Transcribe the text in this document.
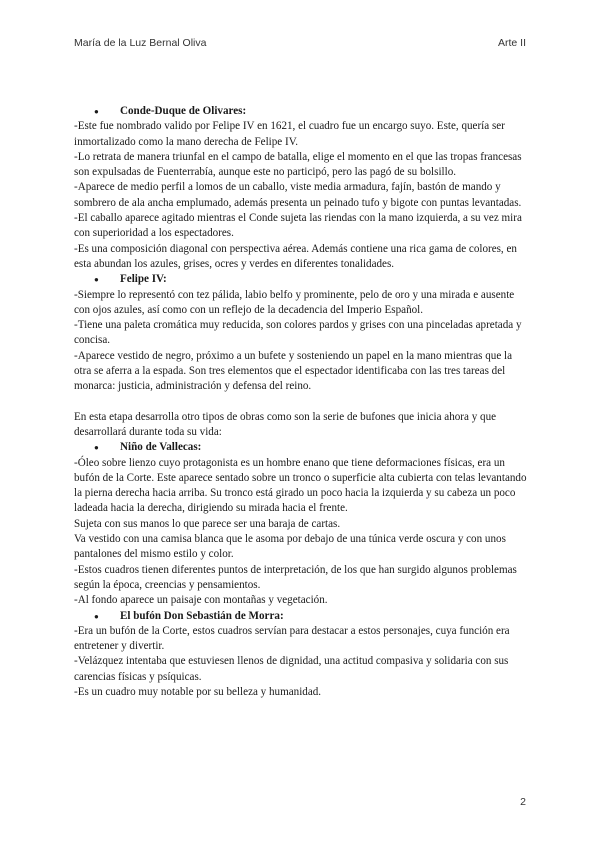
María de la Luz Bernal Oliva	Arte II

● Conde-Duque de Olivares:

-Este fue nombrado valido por Felipe IV en 1621, el cuadro fue un encargo suyo. Este, quería ser inmortalizado como la mano derecha de Felipe IV.

-Lo retrata de manera triunfal en el campo de batalla, elige el momento en el que las tropas francesas son expulsadas de Fuenterrabía, aunque este no participó, pero las pagó de su bolsillo.

-Aparece de medio perfil a lomos de un caballo, viste media armadura, fajín, bastón de mando y sombrero de ala ancha emplumado, además presenta un peinado tufo y bigote con puntas levantadas.

-El caballo aparece agitado mientras el Conde sujeta las riendas con la mano izquierda, a su vez mira con superioridad a los espectadores.

-Es una composición diagonal con perspectiva aérea. Además contiene una rica gama de colores, en esta abundan los azules, grises, ocres y verdes en diferentes tonalidades.

● Felipe IV:

-Siempre lo representó con tez pálida, labio belfo y prominente, pelo de oro y una mirada e ausente con ojos azules, así como con un reflejo de la decadencia del Imperio Español.

-Tiene una paleta cromática muy reducida, son colores pardos y grises con una pinceladas apretada y concisa.

-Aparece vestido de negro, próximo a un bufete y sosteniendo un papel en la mano mientras que la otra se aferra a la espada. Son tres elementos que el espectador identificaba con las tres tareas del monarca: justicia, administración y defensa del reino.

En esta etapa desarrolla otro tipos de obras como son la serie de bufones que inicia ahora y que desarrollará durante toda su vida:

● Niño de Vallecas:

-Óleo sobre lienzo cuyo protagonista es un hombre enano que tiene deformaciones físicas, era un bufón de la Corte. Este aparece sentado sobre un tronco o superficie alta cubierta con telas levantando la pierna derecha hacia arriba. Su tronco está girado un poco hacia la izquierda y su cabeza un poco ladeada hacia la derecha, dirigiendo su mirada hacia el frente.

Sujeta con sus manos lo que parece ser una baraja de cartas.

Va vestido con una camisa blanca que le asoma por debajo de una túnica verde oscura y con unos pantalones del mismo estilo y color.

-Estos cuadros tienen diferentes puntos de interpretación, de los que han surgido algunos problemas según la época, creencias y pensamientos.

-Al fondo aparece un paisaje con montañas y vegetación.

● El bufón Don Sebastián de Morra:

-Era un bufón de la Corte, estos cuadros servían para destacar a estos personajes, cuya función era entretener y divertir.

-Velázquez intentaba que estuviesen llenos de dignidad, una actitud compasiva y solidaria con sus carencias físicas y psíquicas.

-Es un cuadro muy notable por su belleza y humanidad.

2
